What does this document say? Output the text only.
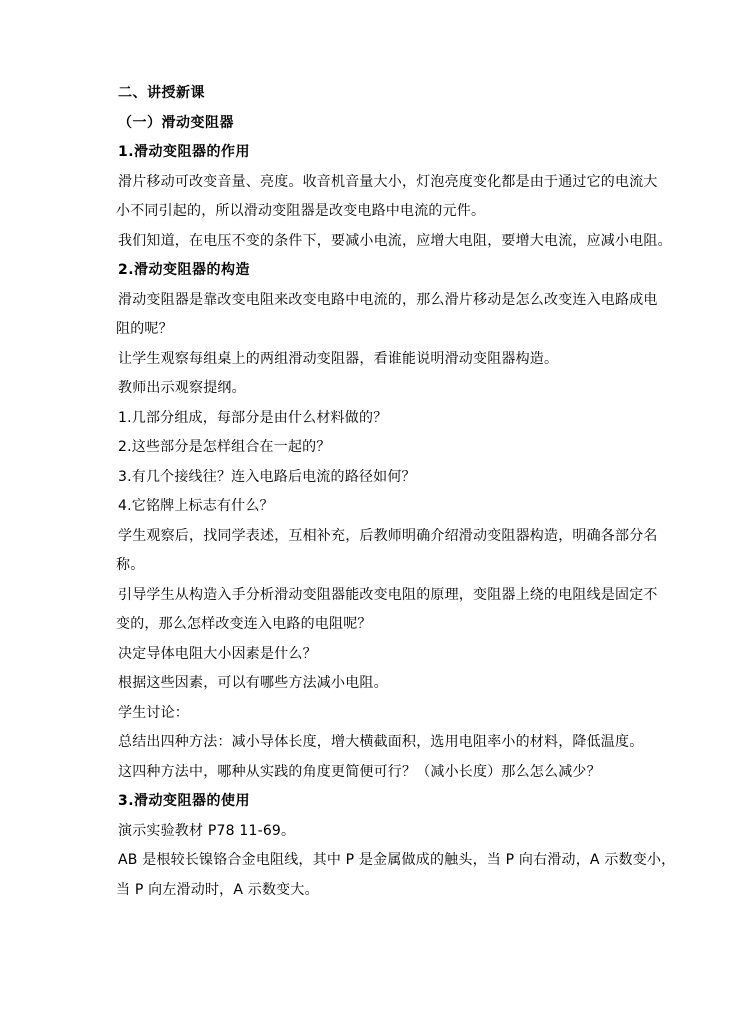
二、讲授新课
（一）滑动变阻器
1.滑动变阻器的作用
滑片移动可改变音量、亮度。收音机音量大小，灯泡亮度变化都是由于通过它的电流大
小不同引起的，所以滑动变阻器是改变电路中电流的元件。
我们知道，在电压不变的条件下，要减小电流，应增大电阻，要增大电流，应减小电阻。
2.滑动变阻器的构造
滑动变阻器是靠改变电阻来改变电路中电流的，那么滑片移动是怎么改变连入电路成电
阻的呢？
让学生观察每组桌上的两组滑动变阻器，看谁能说明滑动变阻器构造。
教师出示观察提纲。
1.几部分组成，每部分是由什么材料做的？
2.这些部分是怎样组合在一起的？
3.有几个接线往？连入电路后电流的路径如何？
4.它铭牌上标志有什么？
学生观察后，找同学表述，互相补充，后教师明确介绍滑动变阻器构造，明确各部分名
称。
引导学生从构造入手分析滑动变阻器能改变电阻的原理，变阻器上绕的电阻线是固定不
变的，那么怎样改变连入电路的电阻呢？
决定导体电阻大小因素是什么？
根据这些因素，可以有哪些方法减小电阻。
学生讨论：
总结出四种方法：减小导体长度，增大横截面积，选用电阻率小的材料，降低温度。
这四种方法中，哪种从实践的角度更简便可行？（减小长度）那么怎么减少？
3.滑动变阻器的使用
演示实验教材 P78 11-69。
AB 是根较长镍铬合金电阻线，其中 P 是金属做成的触头，当 P 向右滑动，A 示数变小，
当 P 向左滑动时，A 示数变大。
